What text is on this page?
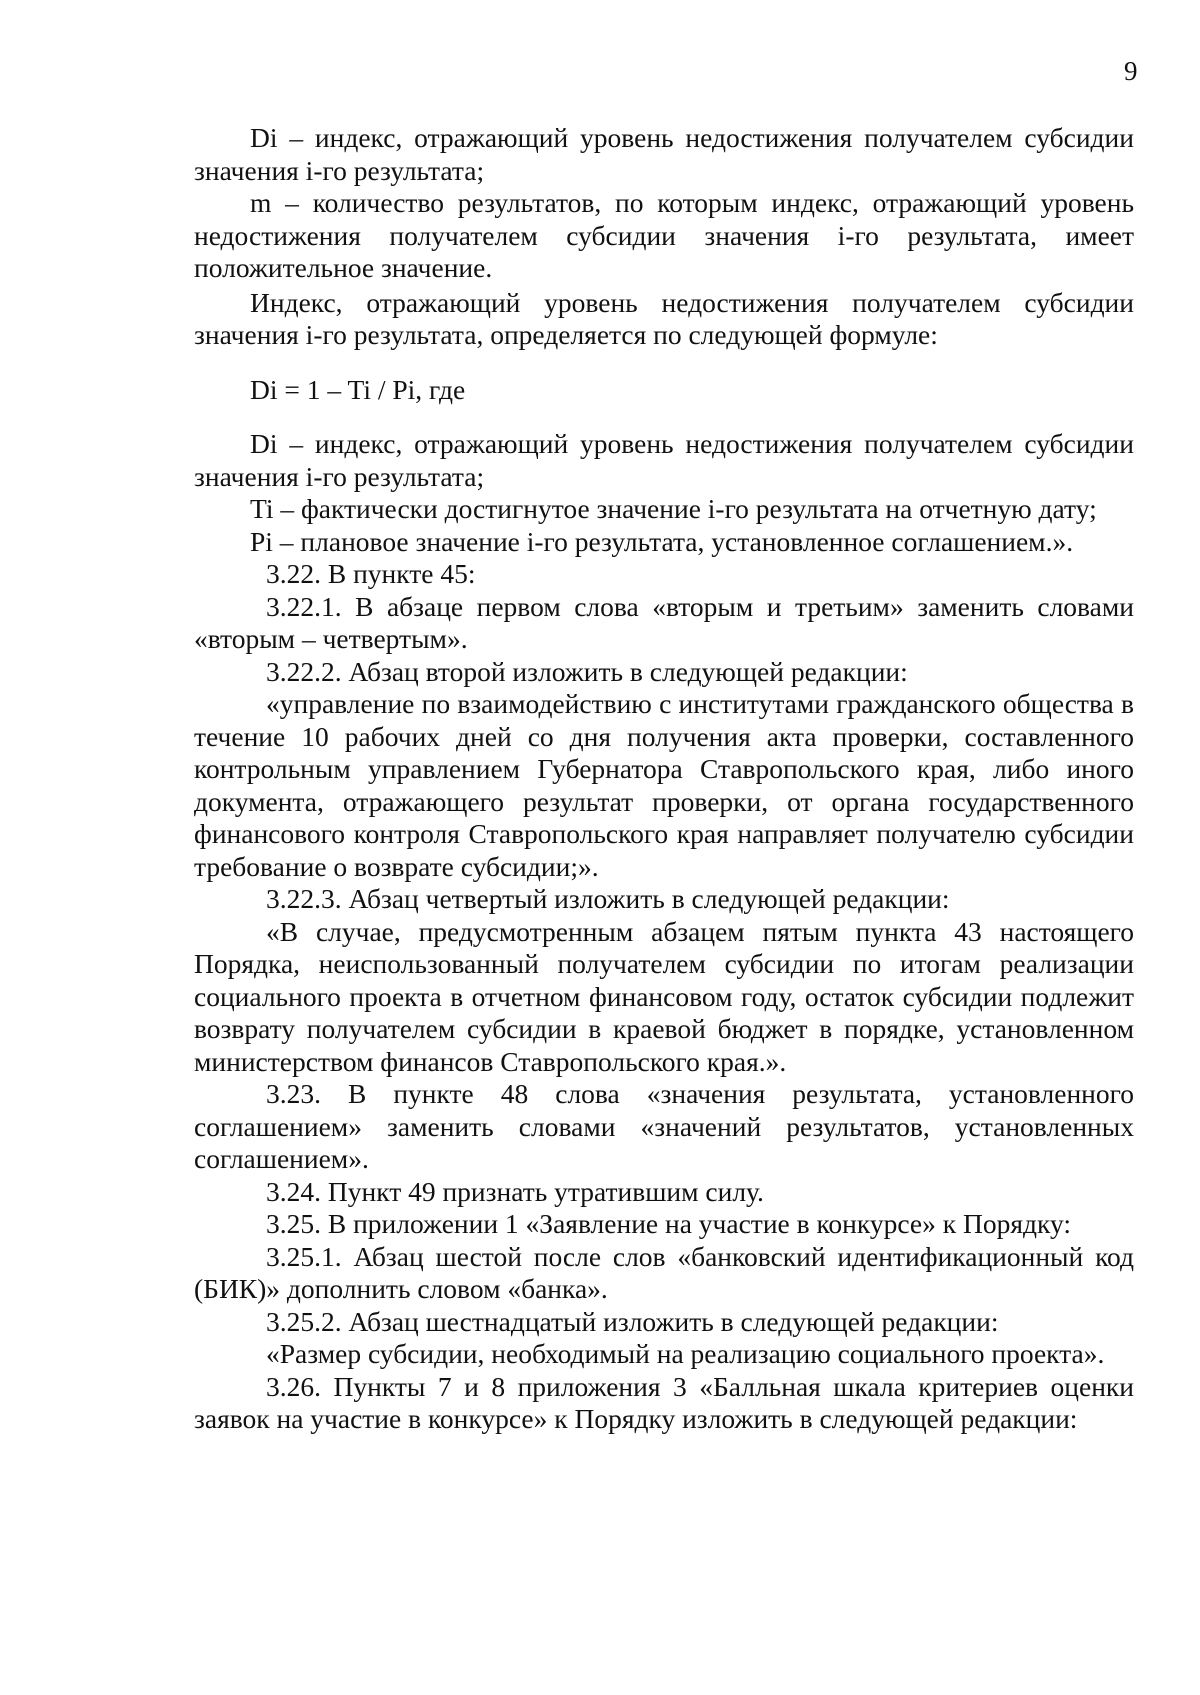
9

Di – индекс, отражающий уровень недостижения получателем субсидии значения i-го результата;

m – количество результатов, по которым индекс, отражающий уровень недостижения получателем субсидии значения i-го результата, имеет положительное значение.

Индекс, отражающий уровень недостижения получателем субсидии значения i-го результата, определяется по следующей формуле:

Di = 1 – Ti / Pi, где

Di – индекс, отражающий уровень недостижения получателем субсидии значения i-го результата;

Ti – фактически достигнутое значение i-го результата на отчетную дату;

Pi – плановое значение i-го результата, установленное соглашением.».

3.22. В пункте 45:

3.22.1. В абзаце первом слова «вторым и третьим» заменить словами «вторым – четвертым».

3.22.2. Абзац второй изложить в следующей редакции:

«управление по взаимодействию с институтами гражданского общества в течение 10 рабочих дней со дня получения акта проверки, составленного контрольным управлением Губернатора Ставропольского края, либо иного документа, отражающего результат проверки, от органа государственного финансового контроля Ставропольского края направляет получателю субсидии требование о возврате субсидии;».

3.22.3. Абзац четвертый изложить в следующей редакции:

«В случае, предусмотренным абзацем пятым пункта 43 настоящего Порядка, неиспользованный получателем субсидии по итогам реализации социального проекта в отчетном финансовом году, остаток субсидии подлежит возврату получателем субсидии в краевой бюджет в порядке, установленном министерством финансов Ставропольского края.».

3.23. В пункте 48 слова «значения результата, установленного соглашением» заменить словами «значений результатов, установленных соглашением».

3.24. Пункт 49 признать утратившим силу.

3.25. В приложении 1 «Заявление на участие в конкурсе» к Порядку:

3.25.1. Абзац шестой после слов «банковский идентификационный код (БИК)» дополнить словом «банка».

3.25.2. Абзац шестнадцатый изложить в следующей редакции:

«Размер субсидии, необходимый на реализацию социального проекта».

3.26. Пункты 7 и 8 приложения 3 «Балльная шкала критериев оценки заявок на участие в конкурсе» к Порядку изложить в следующей редакции:
